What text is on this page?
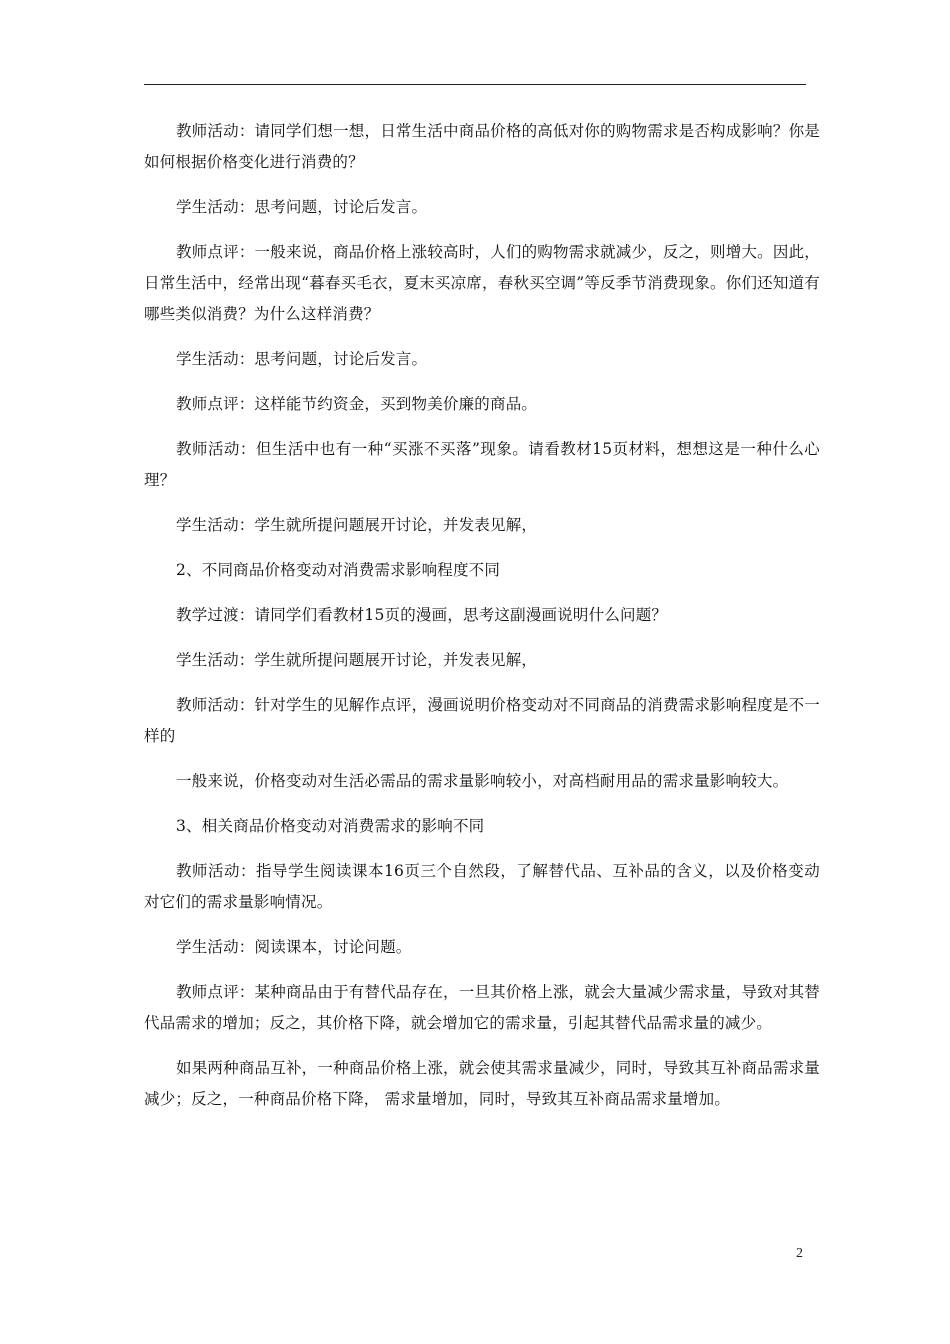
教师活动：请同学们想一想，日常生活中商品价格的高低对你的购物需求是否构成影响？你是如何根据价格变化进行消费的？

学生活动：思考问题，讨论后发言。

教师点评：一般来说，商品价格上涨较高时，人们的购物需求就减少，反之，则增大。因此，日常生活中，经常出现“暮春买毛衣，夏末买凉席，春秋买空调”等反季节消费现象。你们还知道有哪些类似消费？为什么这样消费？

学生活动：思考问题，讨论后发言。

教师点评：这样能节约资金，买到物美价廉的商品。

教师活动：但生活中也有一种“买涨不买落”现象。请看教材15页材料，想想这是一种什么心理？

学生活动：学生就所提问题展开讨论，并发表见解，

2、不同商品价格变动对消费需求影响程度不同

教学过渡：请同学们看教材15页的漫画，思考这副漫画说明什么问题？

学生活动：学生就所提问题展开讨论，并发表见解，

教师活动：针对学生的见解作点评，漫画说明价格变动对不同商品的消费需求影响程度是不一样的

一般来说，价格变动对生活必需品的需求量影响较小，对高档耐用品的需求量影响较大。

3、相关商品价格变动对消费需求的影响不同

教师活动：指导学生阅读课本16页三个自然段，了解替代品、互补品的含义，以及价格变动对它们的需求量影响情况。

学生活动：阅读课本，讨论问题。

教师点评：某种商品由于有替代品存在，一旦其价格上涨，就会大量减少需求量，导致对其替代品需求的增加；反之，其价格下降，就会增加它的需求量，引起其替代品需求量的减少。

如果两种商品互补，一种商品价格上涨，就会使其需求量减少，同时，导致其互补商品需求量减少；反之，一种商品价格下降， 需求量增加，同时，导致其互补商品需求量增加。

2
